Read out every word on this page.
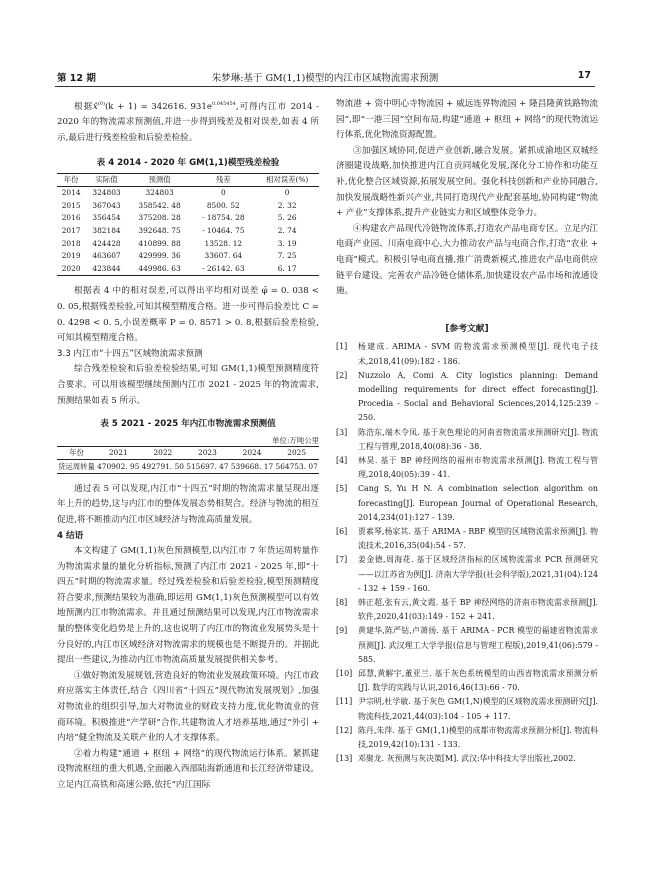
第 12 期	朱梦琳:基于 GM(1,1)模型的内江市区域物流需求预测	17

根据x̂$^{(0)}$(k + 1) = 342616. $931e^{0.045454}$,可得内江市 2014 - 2020 年的物流需求预测值,并进一步得到残差及相对误差,如表 4 所示,最后进行残差检验和后验差检验。

表 4 2014 - 2020 年 GM(1,1)模型残差检验
年份	实际值	预测值	残差	相对误差(%)
2014	324803	324803	0	0
2015	367043	358542. 48	8500. 52	2. 32
2016	356454	375208. 28	- 18754. 28	5. 26
2017	382184	392648. 75	- 10464. 75	2. 74
2018	424428	410899. 88	13528. 12	3. 19
2019	463607	429999. 36	33607. 64	7. 25
2020	423844	449986. 63	- 26142. 63	6. 17

根据表 4 中的相对误差,可以得出平均相对误差 φ̄ = 0. 038 < 0. 05,根据残差检验,可知其模型精度合格。进一步可得后验差比 C = 0. 4298 < 0. 5,小误差概率 P = 0. 8571 > 0. 8,根据后验差检验,可知其模型精度合格。

3.3 内江市“十四五”区域物流需求预测

综合残差检验和后验差检验结果,可知 GM(1,1)模型预测精度符合要求。可以用该模型继续预测内江市 2021 - 2025 年的物流需求,预测结果如表 5 所示。

表 5 2021 - 2025 年内江市物流需求预测值
单位:万吨公里
年份	2021	2022	2023	2024	2025
货运周转量	470902. 95	492791. 50	515697. 47	539668. 17	564753. 07

通过表 5 可以发现,内江市“十四五”时期的物流需求量呈现出逐年上升的趋势,这与内江市的整体发展态势相契合。经济与物流的相互促进,将不断推动内江市区域经济与物流高质量发展。

4 结语

本文构建了 GM(1,1)灰色预测模型,以内江市 7 年货运周转量作为物流需求量的量化分析指标,预测了内江市 2021 - 2025 年,即“十四五”时期的物流需求量。经过残差检验和后验差检验,模型预测精度符合要求,预测结果较为准确,即运用 GM(1,1)灰色预测模型可以有效地预测内江市物流需求。并且通过预测结果可以发现,内江市物流需求量的整体变化趋势是上升的,这也说明了内江市的物流业发展势头是十分良好的,内江市区域经济对物流需求的规模也是不断提升的。并据此提出一些建议,为推动内江市物流高质量发展提供相关参考。

①做好物流发展规划,营造良好的物流业发展政策环境。内江市政府应落实主体责任,结合《四川省“十四五”现代物流发展规划》,加强对物流业的组织引导,加大对物流业的财政支持力度,优化物流业的营商环境。积极推进“产学研”合作,共建物流人才培养基地,通过“外引 + 内培”健全物流及关联产业的人才支撑体系。

②着力构建“通道 + 枢纽 + 网络”的现代物流运行体系。紧抓建设物流枢纽的重大机遇,全面融入西部陆海新通道和长江经济带建设。立足内江高铁和高速公路,依托“内江国际

物流港 + 资中明心寺物流园 + 威远连界物流园 + 隆昌隆黄铁路物流园”,即“一港三园”空间布局,构建“通道 + 枢纽 + 网络”的现代物流运行体系,优化物流资源配置。

③加强区域协同,促进产业创新,融合发展。紧抓成渝地区双城经济圈建设战略,加快推进内江自贡同城化发展,深化分工协作和功能互补,优化整合区域资源,拓展发展空间。强化科技创新和产业协同融合,加快发展战略性新兴产业,共同打造现代产业配套基地,协同构建“物流 + 产业”支撑体系,提升产业链实力和区域整体竞争力。

④构建农产品现代冷链物流体系,打造农产品电商专区。立足内江电商产业园、川南电商中心,大力推动农产品与电商合作,打造“农业 + 电商”模式。积极引导电商直播,推广消费新模式,推进农产品电商供应链平台建设。完善农产品冷链仓储体系,加快建设农产品市场和流通设施。

[参考文献]
[1]	杨建成. ARIMA - SVM 的物流需求预测模型[J]. 现代电子技术,2018,41(09):182 - 186.
[2]	Nuzzolo A, Comi A. City logistics planning: Demand modelling requirements for direct effect forecasting[J]. Procedia - Social and Behavioral Sciences,2014,125:239 - 250.
[3]	陈浩东,端木令凤. 基于灰色理论的河南省物流需求预测研究[J]. 物流工程与管理,2018,40(08):36 - 38.
[4]	林昊. 基于 BP 神经网络的福州市物流需求预测[J]. 物流工程与管理,2018,40(05):39 - 41.
[5]	Cang S, Yu H N. A combination selection algorithm on forecasting[J]. European Journal of Operational Research, 2014,234(01):127 - 139.
[6]	贾素琴,杨家其. 基于 ARIMA - RBF 模型的区域物流需求预测[J]. 物流技术,2016,35(04):54 - 57.
[7]	姜金德,周海花. 基于区域经济指标的区域物流需求 PCR 预测研究——以江苏省为例[J]. 济南大学学报(社会科学版),2021,31(04):124 - 132 + 159 - 160.
[8]	韩正超,张有云,黄文霞. 基于 BP 神经网络的济南市物流需求预测[J]. 软件,2020,41(03):149 - 152 + 241.
[9]	黄建华,陈严钻,卢萧扬. 基于 ARIMA - PCR 模型的福建省物流需求预测[J]. 武汉理工大学学报(信息与管理工程版),2019,41(06):579 - 585.
[10] 邱慧,黄解宇,董亚兰. 基于灰色系统模型的山西省物流需求预测分析[J]. 数学的实践与认识,2016,46(13):66 - 70.
[11] 尹宗明,杜学敏. 基于灰色 GM(1,N)模型的区域物流需求预测研究[J]. 物流科技,2021,44(03):104 - 105 + 117.
[12] 陈丹,朱萍. 基于 GM(1,1)模型的成都市物流需求预测分析[J]. 物流科技,2019,42(10):131 - 133.
[13] 邓聚龙. 灰预测与灰决策[M]. 武汉:华中科技大学出版社,2002.
